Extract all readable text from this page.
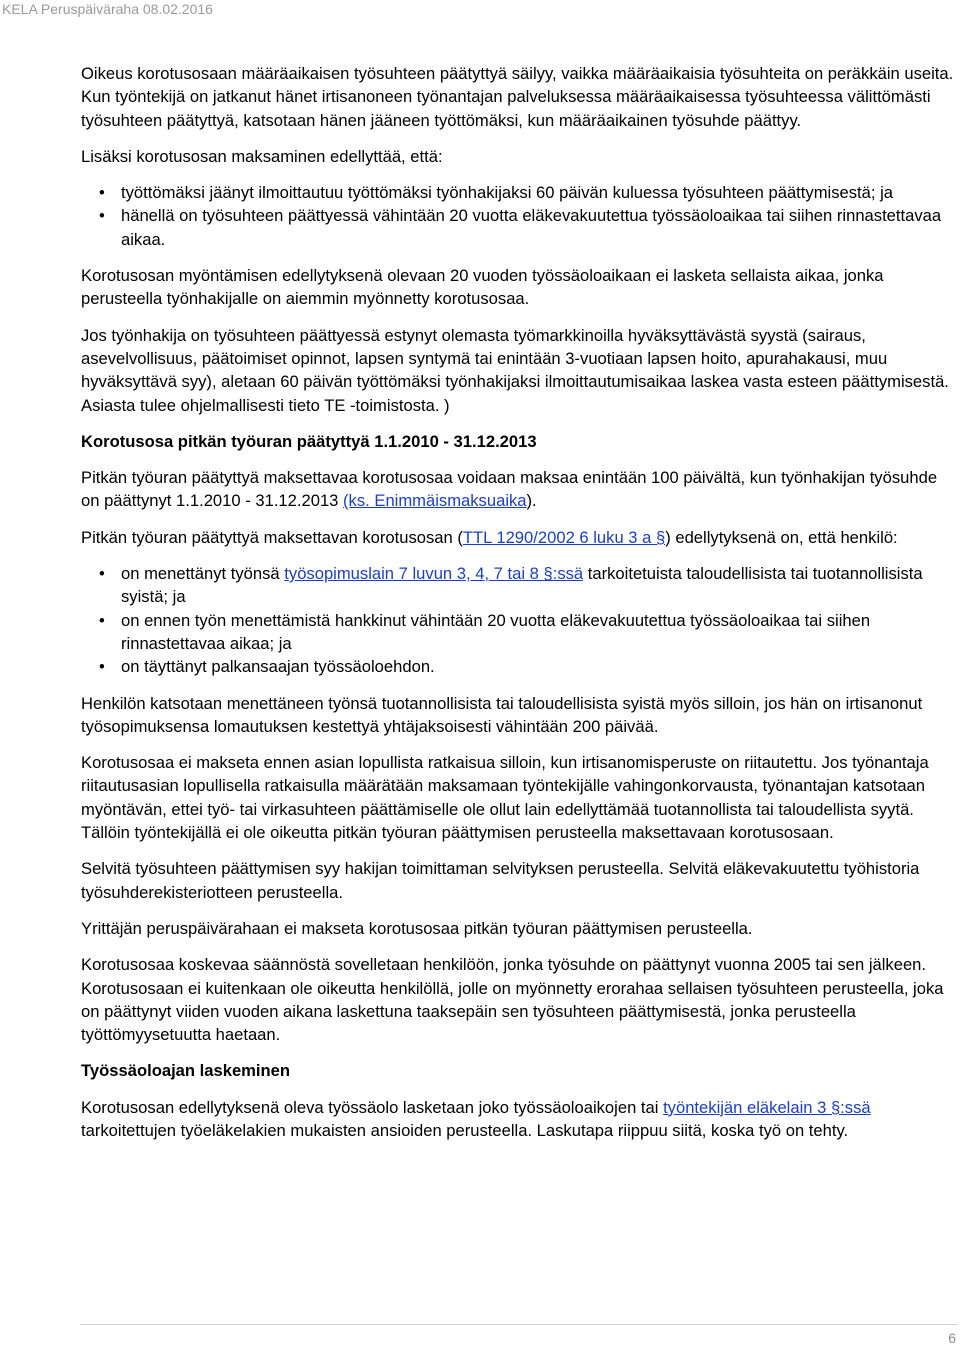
KELA Peruspäiväraha 08.02.2016

Oikeus korotusosaan määräaikaisen työsuhteen päätyttyä säilyy, vaikka määräaikaisia työsuhteita on peräkkäin useita. Kun työntekijä on jatkanut hänet irtisanoneen työnantajan palveluksessa määräaikaisessa työsuhteessa välittömästi työsuhteen päätyttyä, katsotaan hänen jääneen työttömäksi, kun määräaikainen työsuhde päättyy.

Lisäksi korotusosan maksaminen edellyttää, että:

• työttömäksi jäänyt ilmoittautuu työttömäksi työnhakijaksi 60 päivän kuluessa työsuhteen päättymisestä; ja
• hänellä on työsuhteen päättyessä vähintään 20 vuotta eläkevakuutettua työssäoloaikaa tai siihen rinnastettavaa aikaa.

Korotusosan myöntämisen edellytyksenä olevaan 20 vuoden työssäoloaikaan ei lasketa sellaista aikaa, jonka perusteella työnhakijalle on aiemmin myönnetty korotusosaa.

Jos työnhakija on työsuhteen päättyessä estynyt olemasta työmarkkinoilla hyväksyttävästä syystä (sairaus, asevelvollisuus, päätoimiset opinnot, lapsen syntymä tai enintään 3-vuotiaan lapsen hoito, apurahakausi, muu hyväksyttävä syy), aletaan 60 päivän työttömäksi työnhakijaksi ilmoittautumisaikaa laskea vasta esteen päättymisestä. Asiasta tulee ohjelmallisesti tieto TE -toimistosta. )

Korotusosa pitkän työuran päätyttyä 1.1.2010 - 31.12.2013

Pitkän työuran päätyttyä maksettavaa korotusosaa voidaan maksaa enintään 100 päivältä, kun työnhakijan työsuhde on päättynyt 1.1.2010 - 31.12.2013 (ks. Enimmäismaksuaika).

Pitkän työuran päätyttyä maksettavan korotusosan (TTL 1290/2002 6 luku 3 a §) edellytyksenä on, että henkilö:

• on menettänyt työnsä työsopimuslain 7 luvun 3, 4, 7 tai 8 §:ssä tarkoitetuista taloudellisista tai tuotannollisista syistä; ja
• on ennen työn menettämistä hankkinut vähintään 20 vuotta eläkevakuutettua työssäoloaikaa tai siihen rinnastettavaa aikaa; ja
• on täyttänyt palkansaajan työssäoloehdon.

Henkilön katsotaan menettäneen työnsä tuotannollisista tai taloudellisista syistä myös silloin, jos hän on irtisanonut työsopimuksensa lomautuksen kestettyä yhtäjaksoisesti vähintään 200 päivää.

Korotusosaa ei makseta ennen asian lopullista ratkaisua silloin, kun irtisanomisperuste on riitautettu. Jos työnantaja riitautusasian lopullisella ratkaisulla määrätään maksamaan työntekijälle vahingonkorvausta, työnantajan katsotaan myöntävän, ettei työ- tai virkasuhteen päättämiselle ole ollut lain edellyttämää tuotannollista tai taloudellista syytä. Tällöin työntekijällä ei ole oikeutta pitkän työuran päättymisen perusteella maksettavaan korotusosaan.

Selvitä työsuhteen päättymisen syy hakijan toimittaman selvityksen perusteella. Selvitä eläkevakuutettu työhistoria työsuhderekisteriotteen perusteella.

Yrittäjän peruspäivärahaan ei makseta korotusosaa pitkän työuran päättymisen perusteella.

Korotusosaa koskevaa säännöstä sovelletaan henkilöön, jonka työsuhde on päättynyt vuonna 2005 tai sen jälkeen. Korotusosaan ei kuitenkaan ole oikeutta henkilöllä, jolle on myönnetty erorahaa sellaisen työsuhteen perusteella, joka on päättynyt viiden vuoden aikana laskettuna taaksepäin sen työsuhteen päättymisestä, jonka perusteella työttömyysetuutta haetaan.

Työssäoloajan laskeminen

Korotusosan edellytyksenä oleva työssäolo lasketaan joko työssäoloaikojen tai työntekijän eläkelain 3 §:ssä tarkoitettujen työeläkelakien mukaisten ansioiden perusteella. Laskutapa riippuu siitä, koska työ on tehty.

6
